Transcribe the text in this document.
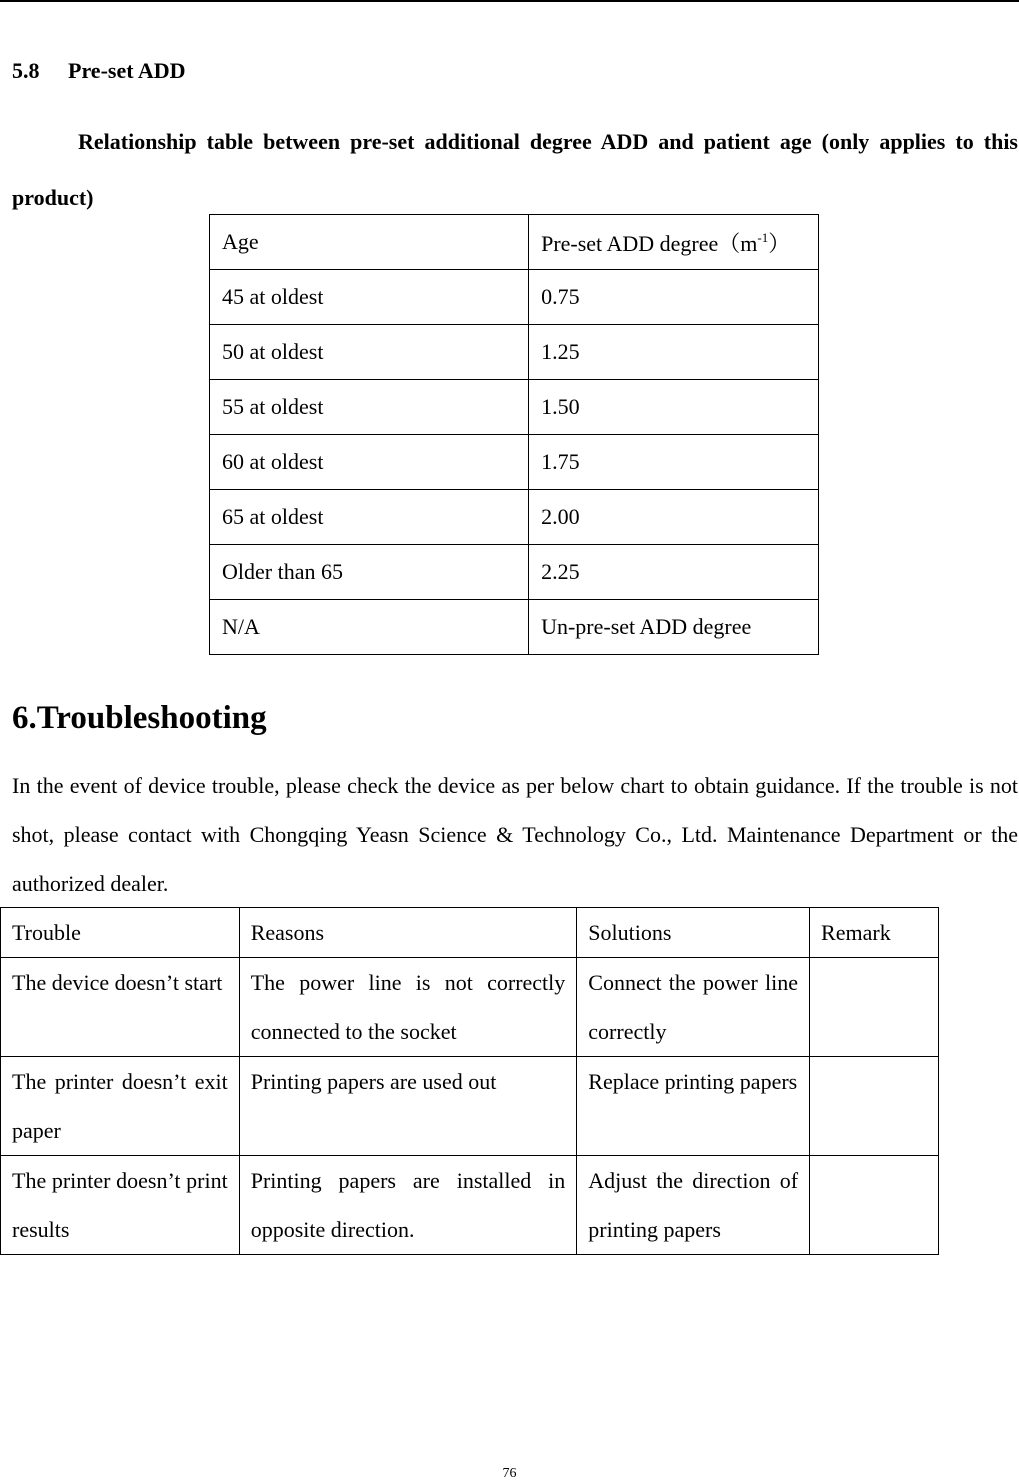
5.8 Pre-set ADD

Relationship table between pre-set additional degree ADD and patient age (only applies to this product)

Age	Pre-set ADD $degree(m^{-1})$
45 at oldest	0.75
50 at oldest	1.25
55 at oldest	1.50
60 at oldest	1.75
65 at oldest	2.00
Older than 65	2.25
N/A	Un-pre-set ADD degree
6.Troubleshooting

In the event of device trouble, please check the device as per below chart to obtain guidance. If the trouble is not shot, please contact with Chongqing Yeasn Science & Technology Co., Ltd. Maintenance Department or the authorized dealer.

Trouble	Reasons	Solutions	Remark
The device doesn’t start	The power line is not correctly connected to the socket	Connect the power line correctly	
The printer doesn’t exit paper	Printing papers are used out	Replace printing papers	
The printer doesn’t print results	Printing papers are installed in opposite direction.	Adjust the direction of printing papers	
76
